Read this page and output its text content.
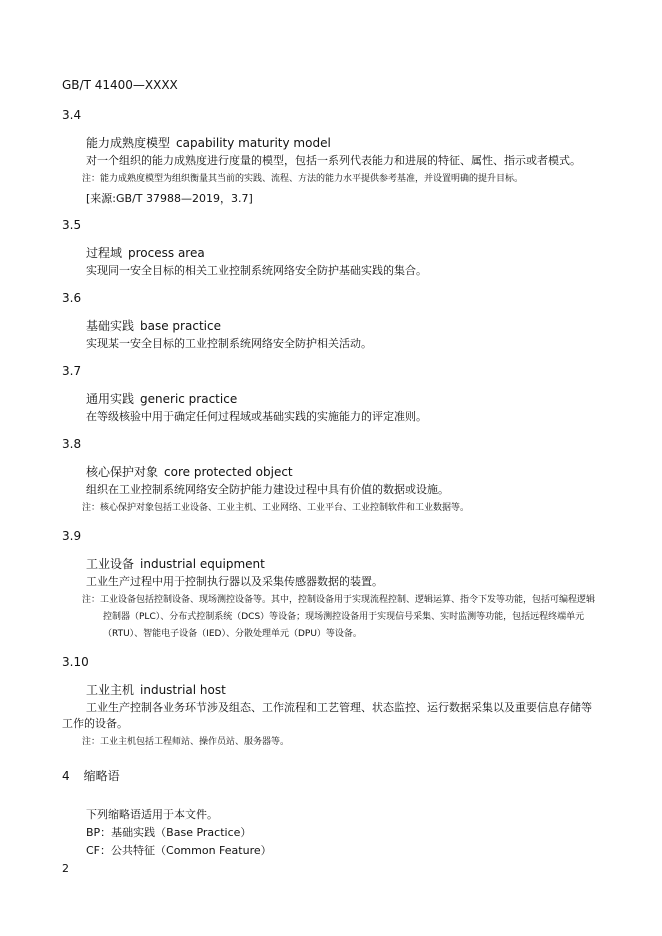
GB/T 41400—XXXX
3.4
能力成熟度模型 capability maturity model
对一个组织的能力成熟度进行度量的模型，包括一系列代表能力和进展的特征、属性、指示或者模式。
注：能力成熟度模型为组织衡量其当前的实践、流程、方法的能力水平提供参考基准，并设置明确的提升目标。
[来源:GB/T 37988—2019，3.7]
3.5
过程域 process area
实现同一安全目标的相关工业控制系统网络安全防护基础实践的集合。
3.6
基础实践 base practice
实现某一安全目标的工业控制系统网络安全防护相关活动。
3.7
通用实践 generic practice
在等级核验中用于确定任何过程域或基础实践的实施能力的评定准则。
3.8
核心保护对象 core protected object
组织在工业控制系统网络安全防护能力建设过程中具有价值的数据或设施。
注：核心保护对象包括工业设备、工业主机、工业网络、工业平台、工业控制软件和工业数据等。
3.9
工业设备 industrial equipment
工业生产过程中用于控制执行器以及采集传感器数据的装置。
注：工业设备包括控制设备、现场测控设备等。其中，控制设备用于实现流程控制、逻辑运算、指令下发等功能，包括可编程逻辑控制器（PLC）、分布式控制系统（DCS）等设备；现场测控设备用于实现信号采集、实时监测等功能，包括远程终端单元（RTU）、智能电子设备（IED）、分散处理单元（DPU）等设备。
3.10
工业主机 industrial host
工业生产控制各业务环节涉及组态、工作流程和工艺管理、状态监控、运行数据采集以及重要信息存储等工作的设备。
注：工业主机包括工程师站、操作员站、服务器等。
4 缩略语
下列缩略语适用于本文件。
BP：基础实践（Base Practice）
CF：公共特征（Common Feature）
2
